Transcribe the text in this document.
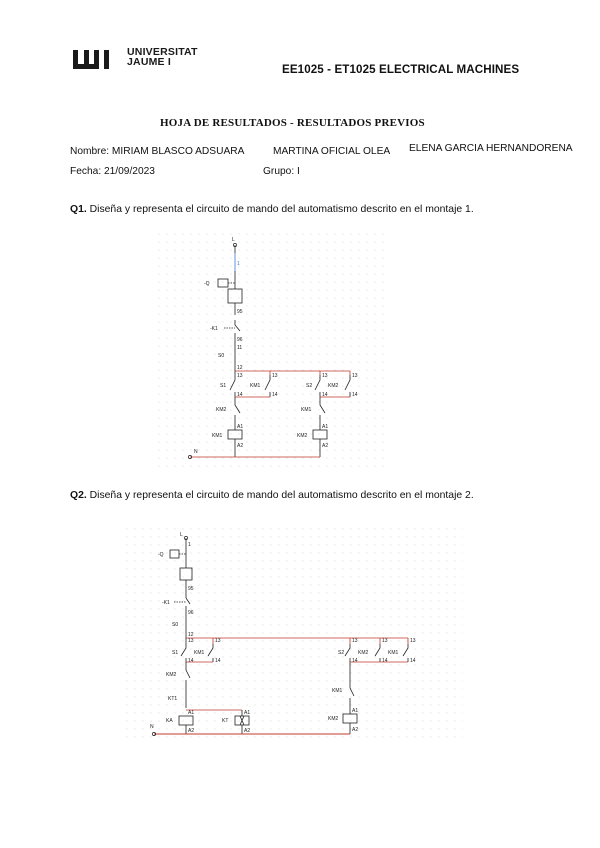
UNIVERSITAT
JAUME I
EE1025 - ET1025 ELECTRICAL MACHINES
HOJA DE RESULTADOS - RESULTADOS PREVIOS
Nombre: MIRIAM BLASCO ADSUARA	MARTINA OFICIAL OLEA ELENA GARCIA HERNANDORENA
Fecha: 21/09/2023	Grupo: I
Q1. Diseña y representa el circuito de mando del automatismo descrito en el montaje 1.
L
1
-Q
95
-K1
96
S0
11
12
13	13	13	13
S1	KM1	S2	KM2
14	14	14	14
KM2	KM1
A1	A1
KM1	KM2
A2	A2
N
Q2. Diseña y representa el circuito de mando del automatismo descrito en el montaje 2.
L
1
-Q
95
-K1
96
S0
12
13	13	13	13	13
S1	KM1	S2	KM2	KM1
14	14	14	14	14
KM2
KT1
KM1
A1	A1	A1
KA	KT	KM2
A2	A2	A2
N
